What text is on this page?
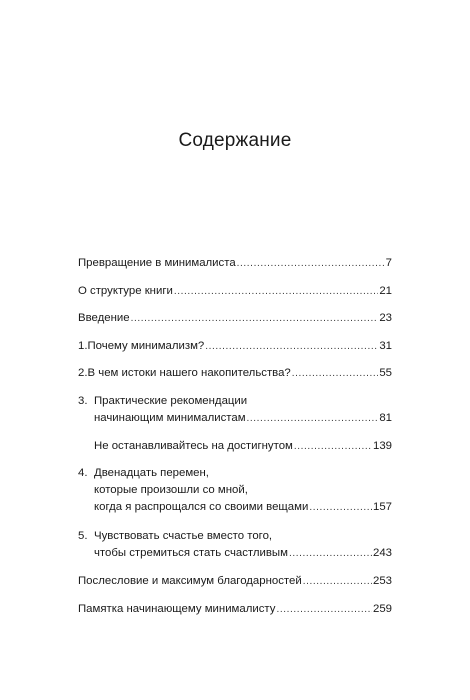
Содержание
Превращение в минималиста .....	7
О структуре книги .....	21
Введение .....	23
1. Почему минимализм? .....	31
2. В чем истоки нашего накопительства? .....	55
3. Практические рекомендации
начинающим минималистам .....	81
Не останавливайтесь на достигнутом .....	139
4. Двенадцать перемен,
которые произошли со мной,
когда я распрощался со своими вещами .....	157
5. Чувствовать счастье вместо того,
чтобы стремиться стать счастливым .....	243
Послесловие и максимум благодарностей .....	253
Памятка начинающему минималисту .....	259
